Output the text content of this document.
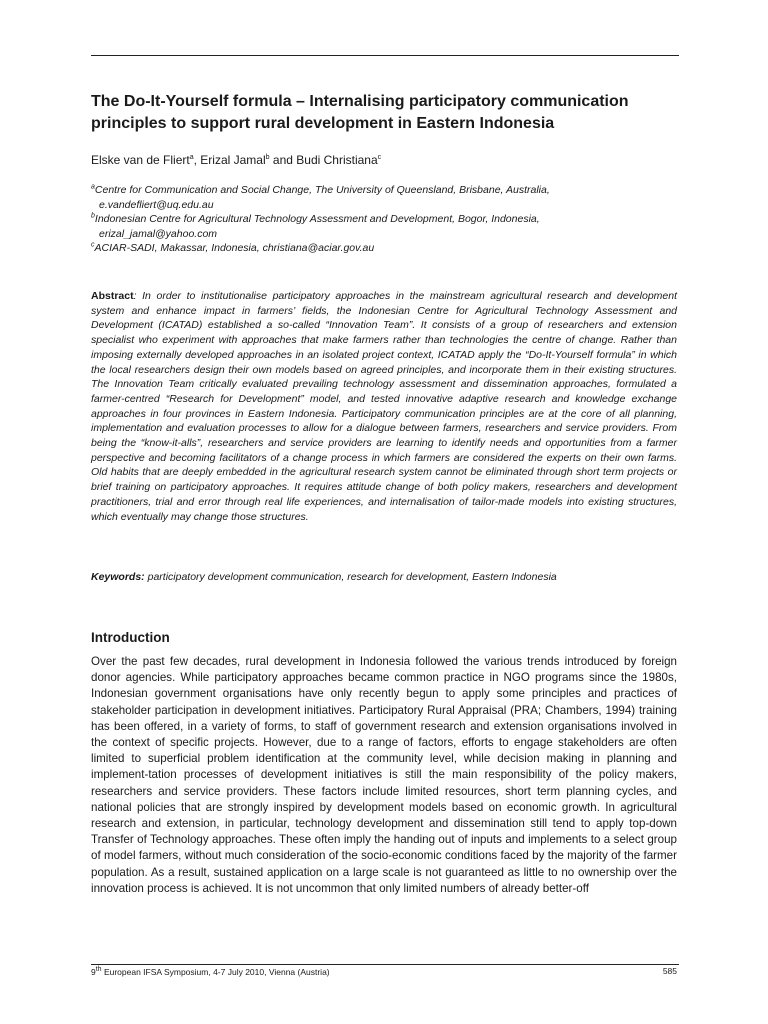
The Do-It-Yourself formula – Internalising participatory communication principles to support rural development in Eastern Indonesia
Elske van de Fliert$^a$, Erizal Jamal$^b$ and Budi Christiana$^c$

$^a$Centre for Communication and Social Change, The University of Queensland, Brisbane, Australia,

e.vandefliert@uq.edu.au

$^b$Indonesian Centre for Agricultural Technology Assessment and Development, Bogor, Indonesia,

erizal_jamal@yahoo.com

$^c$ACIAR-SADI, Makassar, Indonesia, christiana@aciar.gov.au

Abstract: In order to institutionalise participatory approaches in the mainstream agricultural research and development system and enhance impact in farmers’ fields, the Indonesian Centre for Agricultural Technology Assessment and Development (ICATAD) established a so-called “Innovation Team”. It consists of a group of researchers and extension specialist who experiment with approaches that make farmers rather than technologies the centre of change. Rather than imposing externally developed approaches in an isolated project context, ICATAD apply the “Do-It-Yourself formula” in which the local researchers design their own models based on agreed principles, and incorporate them in their existing structures. The Innovation Team critically evaluated prevailing technology assessment and dissemination approaches, formulated a farmer-centred “Research for Development” model, and tested innovative adaptive research and knowledge exchange approaches in four provinces in Eastern Indonesia. Participatory communication principles are at the core of all planning, implementation and evaluation processes to allow for a dialogue between farmers, researchers and service providers. From being the “know-it-alls”, researchers and service providers are learning to identify needs and opportunities from a farmer perspective and becoming facilitators of a change process in which farmers are considered the experts on their own farms. Old habits that are deeply embedded in the agricultural research system cannot be eliminated through short term projects or brief training on participatory approaches. It requires attitude change of both policy makers, researchers and development practitioners, trial and error through real life experiences, and internalisation of tailor-made models into existing structures, which eventually may change those structures.

Keywords: participatory development communication, research for development, Eastern Indonesia

Introduction

Over the past few decades, rural development in Indonesia followed the various trends introduced by foreign donor agencies. While participatory approaches became common practice in NGO programs since the 1980s, Indonesian government organisations have only recently begun to apply some principles and practices of stakeholder participation in development initiatives. Participatory Rural Appraisal (PRA; Chambers, 1994) training has been offered, in a variety of forms, to staff of government research and extension organisations involved in the context of specific projects. However, due to a range of factors, efforts to engage stakeholders are often limited to superficial problem identification at the community level, while decision making in planning and implement-tation processes of development initiatives is still the main responsibility of the policy makers, researchers and service providers. These factors include limited resources, short term planning cycles, and national policies that are strongly inspired by development models based on economic growth. In agricultural research and extension, in particular, technology development and dissemination still tend to apply top-down Transfer of Technology approaches. These often imply the handing out of inputs and implements to a select group of model farmers, without much consideration of the socio-economic conditions faced by the majority of the farmer population. As a result, sustained application on a large scale is not guaranteed as little to no ownership over the innovation process is achieved. It is not uncommon that only limited numbers of already better-off

9th European IFSA Symposium, 4-7 July 2010, Vienna (Austria)	585
